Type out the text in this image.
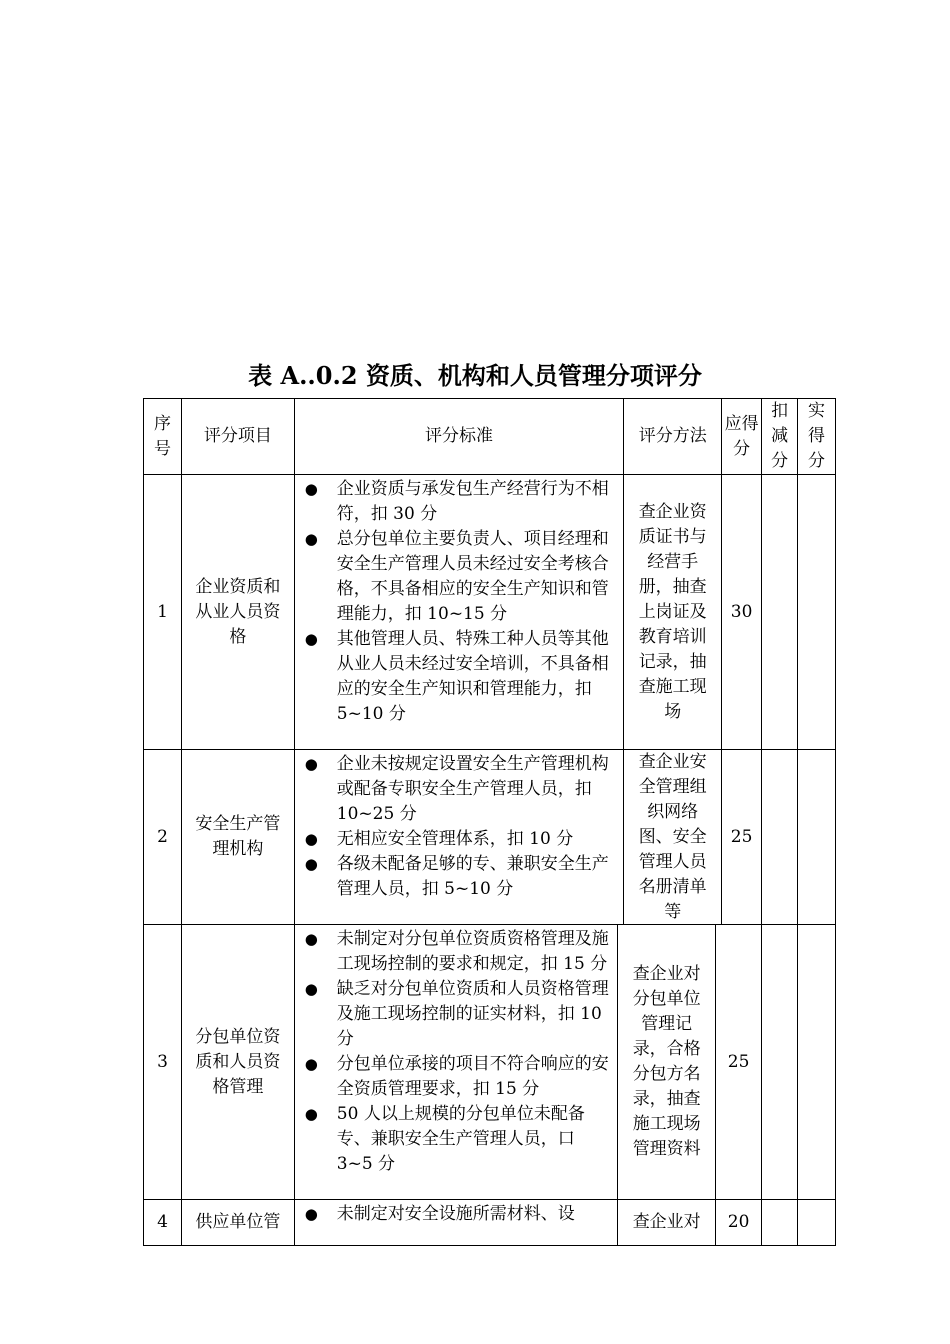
表 A..0.2 资质、机构和人员管理分项评分
序号
评分项目	评分标准	评分方法
应得分
扣减分
实得分
1
企业资质和从业人员资格
● 企业资质与承发包生产经营行为不相符，扣 30 分
● 总分包单位主要负责人、项目经理和安全生产管理人员未经过安全考核合格，不具备相应的安全生产知识和管理能力，扣 10~15 分
● 其他管理人员、特殊工种人员等其他从业人员未经过安全培训，不具备相应的安全生产知识和管理能力，扣 5~10 分
查企业资质证书与经营手册，抽查上岗证及教育培训记录，抽查施工现场
30
2
安全生产管理机构
● 企业未按规定设置安全生产管理机构或配备专职安全生产管理人员，扣 10~25 分
● 无相应安全管理体系，扣 10 分
● 各级未配备足够的专、兼职安全生产管理人员，扣 5~10 分
查企业安全管理组织网络图、安全管理人员名册清单等
25
3
分包单位资质和人员资格管理
● 未制定对分包单位资质资格管理及施工现场控制的要求和规定，扣 15 分
● 缺乏对分包单位资质和人员资格管理及施工现场控制的证实材料，扣 10 分
● 分包单位承接的项目不符合响应的安全资质管理要求，扣 15 分
● 50 人以上规模的分包单位未配备专、兼职安全生产管理人员，口 3~5 分
查企业对分包单位管理记录，合格分包方名录，抽查施工现场管理资料
25
4	供应单位管
●	未制定对安全设施所需材料、设	查企业对	20
